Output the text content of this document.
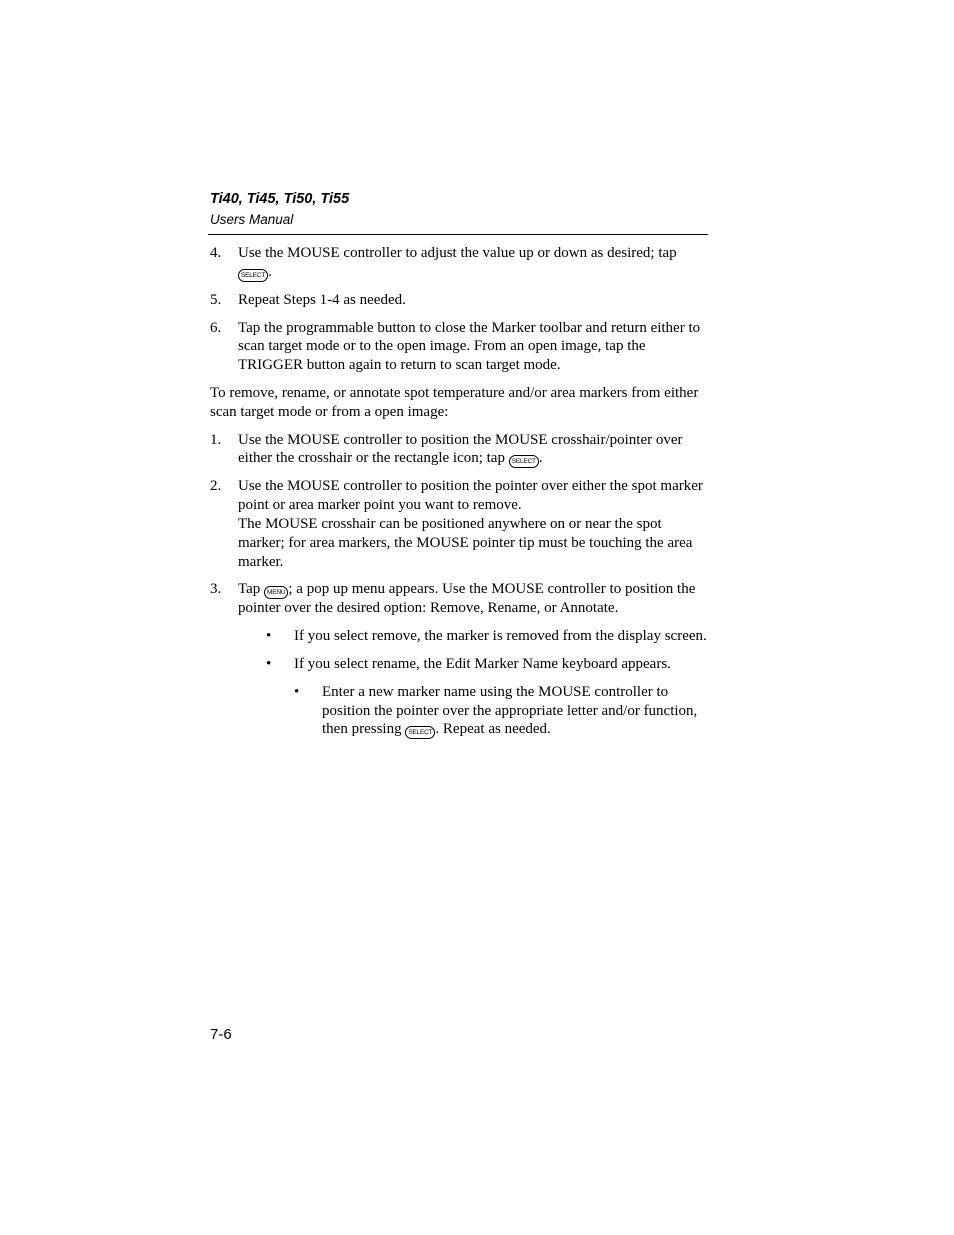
Ti40, Ti45, Ti50, Ti55
Users Manual
4. Use the MOUSE controller to adjust the value up or down as desired; tap
SELECT .
5. Repeat Steps 1-4 as needed.
6. Tap the programmable button to close the Marker toolbar and return either to scan target mode or to the open image. From an open image, tap the TRIGGER button again to return to scan target mode.
To remove, rename, or annotate spot temperature and/or area markers from either scan target mode or from a open image:
1. Use the MOUSE controller to position the MOUSE crosshair/pointer over either the crosshair or the rectangle icon; tap SELECT .
2. Use the MOUSE controller to position the pointer over either the spot marker point or area marker point you want to remove.
The MOUSE crosshair can be positioned anywhere on or near the spot marker; for area markers, the MOUSE pointer tip must be touching the area marker.
3. Tap MENU ; a pop up menu appears. Use the MOUSE controller to position the pointer over the desired option: Remove, Rename, or Annotate.
• If you select remove, the marker is removed from the display screen.
• If you select rename, the Edit Marker Name keyboard appears.
• Enter a new marker name using the MOUSE controller to position the pointer over the appropriate letter and/or function, then pressing SELECT . Repeat as needed.
7-6
